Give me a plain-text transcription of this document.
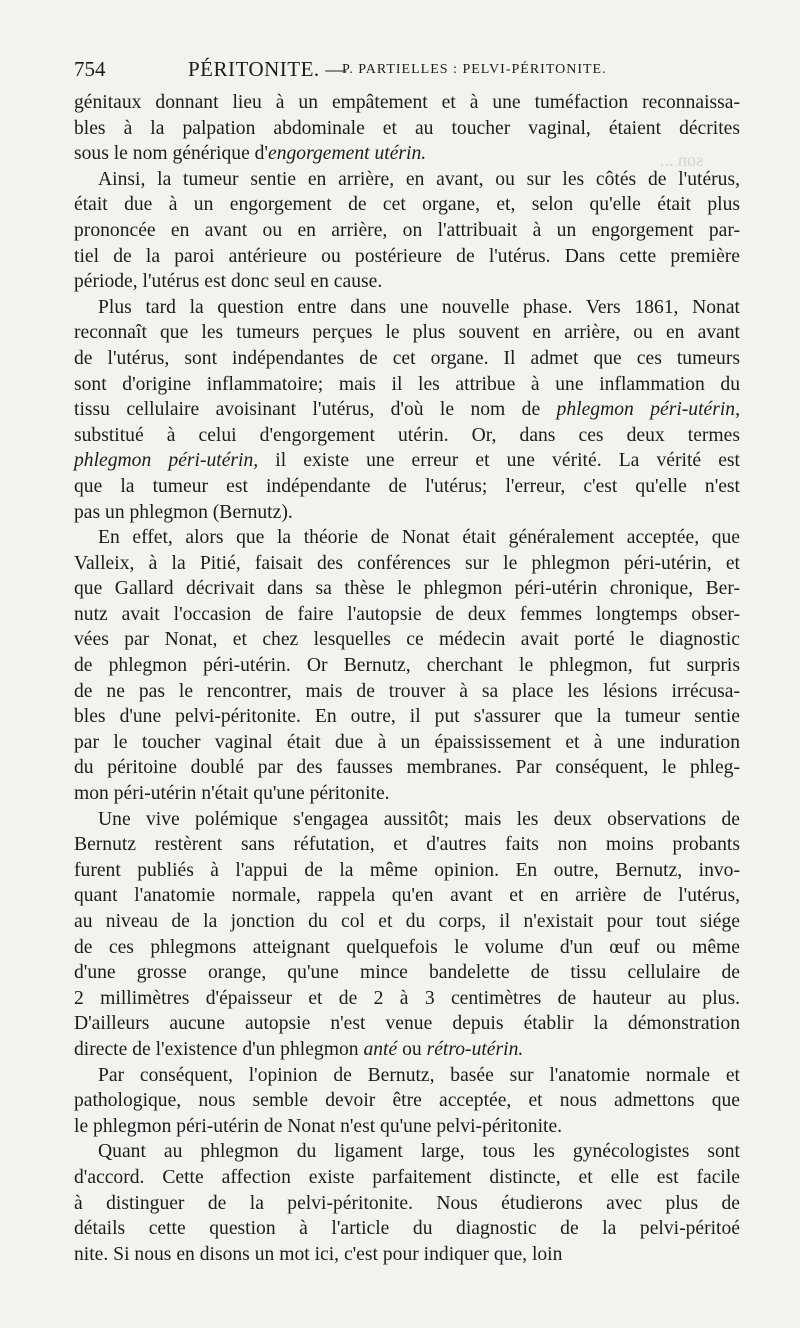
son ...
754	PÉRITONITE. —
P. PARTIELLES : PELVI-PÉRITONITE.

génitaux donnant lieu à un empâtement et à une tuméfaction reconnaissa-
bles à la palpation abdominale et au toucher vaginal, étaient décrites
sous le nom générique d'engorgement utérin.

Ainsi, la tumeur sentie en arrière, en avant, ou sur les côtés de l'utérus,
était due à un engorgement de cet organe, et, selon qu'elle était plus
prononcée en avant ou en arrière, on l'attribuait à un engorgement par-
tiel de la paroi antérieure ou postérieure de l'utérus. Dans cette première
période, l'utérus est donc seul en cause.

Plus tard la question entre dans une nouvelle phase. Vers 1861, Nonat
reconnaît que les tumeurs perçues le plus souvent en arrière, ou en avant
de l'utérus, sont indépendantes de cet organe. Il admet que ces tumeurs
sont d'origine inflammatoire; mais il les attribue à une inflammation du
tissu cellulaire avoisinant l'utérus, d'où le nom de phlegmon péri-utérin,
substitué à celui d'engorgement utérin. Or, dans ces deux termes
phlegmon péri-utérin, il existe une erreur et une vérité. La vérité est
que la tumeur est indépendante de l'utérus; l'erreur, c'est qu'elle n'est
pas un phlegmon (Bernutz).

En effet, alors que la théorie de Nonat était généralement acceptée, que
Valleix, à la Pitié, faisait des conférences sur le phlegmon péri-utérin, et
que Gallard décrivait dans sa thèse le phlegmon péri-utérin chronique, Ber-
nutz avait l'occasion de faire l'autopsie de deux femmes longtemps obser-
vées par Nonat, et chez lesquelles ce médecin avait porté le diagnostic
de phlegmon péri-utérin. Or Bernutz, cherchant le phlegmon, fut surpris
de ne pas le rencontrer, mais de trouver à sa place les lésions irrécusa-
bles d'une pelvi-péritonite. En outre, il put s'assurer que la tumeur sentie
par le toucher vaginal était due à un épaississement et à une induration
du péritoine doublé par des fausses membranes. Par conséquent, le phleg-
mon péri-utérin n'était qu'une péritonite.

Une vive polémique s'engagea aussitôt; mais les deux observations de
Bernutz restèrent sans réfutation, et d'autres faits non moins probants
furent publiés à l'appui de la même opinion. En outre, Bernutz, invo-
quant l'anatomie normale, rappela qu'en avant et en arrière de l'utérus,
au niveau de la jonction du col et du corps, il n'existait pour tout siége
de ces phlegmons atteignant quelquefois le volume d'un œuf ou même
d'une grosse orange, qu'une mince bandelette de tissu cellulaire de
2 millimètres d'épaisseur et de 2 à 3 centimètres de hauteur au plus.
D'ailleurs aucune autopsie n'est venue depuis établir la démonstration
directe de l'existence d'un phlegmon anté ou rétro-utérin.

Par conséquent, l'opinion de Bernutz, basée sur l'anatomie normale et
pathologique, nous semble devoir être acceptée, et nous admettons que
le phlegmon péri-utérin de Nonat n'est qu'une pelvi-péritonite.

Quant au phlegmon du ligament large, tous les gynécologistes sont
d'accord. Cette affection existe parfaitement distincte, et elle est facile
à distinguer de la pelvi-péritonite. Nous étudierons avec plus de
détails cette question à l'article du diagnostic de la pelvi-péritoé
nite. Si nous en disons un mot ici, c'est pour indiquer que, loin
